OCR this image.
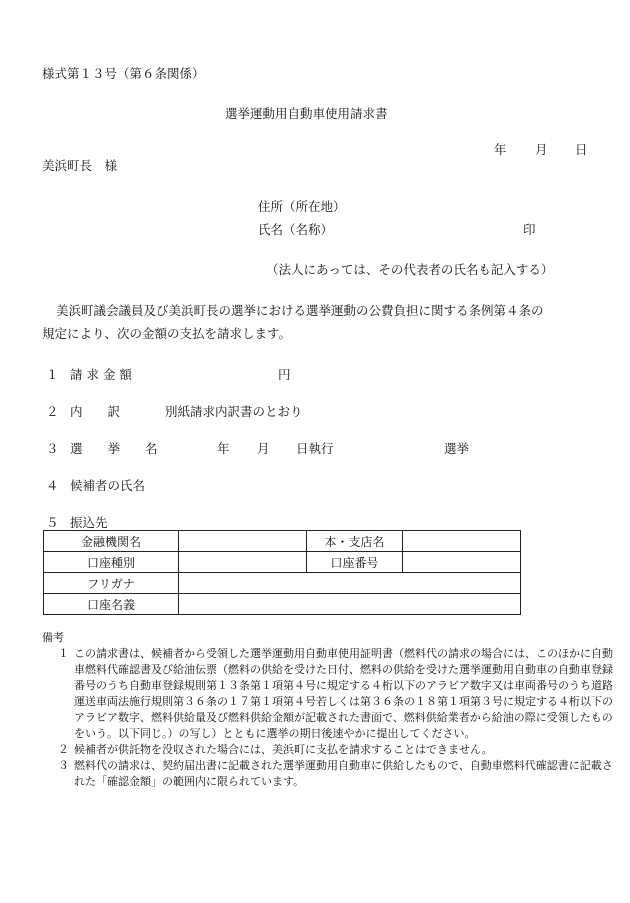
様式第１３号（第６条関係）
選挙運動用自動車使用請求書
年 月 日
美浜町長　様
住所（所在地）
氏名（名称）	印
（法人にあっては、その代表者の氏名も記入する）
美浜町議会議員及び美浜町長の選挙における選挙運動の公費負担に関する条例第４条の
規定により、次の金額の支払を請求します。
１ 請 求 金 額	円
２ 内　　訳	別紙請求内訳書のとおり
３ 選　　挙　　名	年 月 日執行	選挙
４ 候補者の氏名
５ 振込先
金融機関名		本・支店名	
口座種別		口座番号	
フリガナ			
口座名義			
備考
１ この請求書は、候補者から受領した選挙運動用自動車使用証明書（燃料代の請求の場合には、このほかに自動車燃料代確認書及び給油伝票（燃料の供給を受けた日付、燃料の供給を受けた選挙運動用自動車の自動車登録番号のうち自動車登録規則第１３条第１項第４号に規定する４桁以下のアラビア数字又は車両番号のうち道路運送車両法施行規則第３６条の１７第１項第４号若しくは第３６条の１８第１項第３号に規定する４桁以下のアラビア数字、燃料供給量及び燃料供給金額が記載された書面で、燃料供給業者から給油の際に受領したものをいう。以下同じ。）の写し）とともに選挙の期日後速やかに提出してください。
２ 候補者が供託物を没収された場合には、美浜町に支払を請求することはできません。
３ 燃料代の請求は、契約届出書に記載された選挙運動用自動車に供給したもので、自動車燃料代確認書に記載された「確認金額」の範囲内に限られています。
